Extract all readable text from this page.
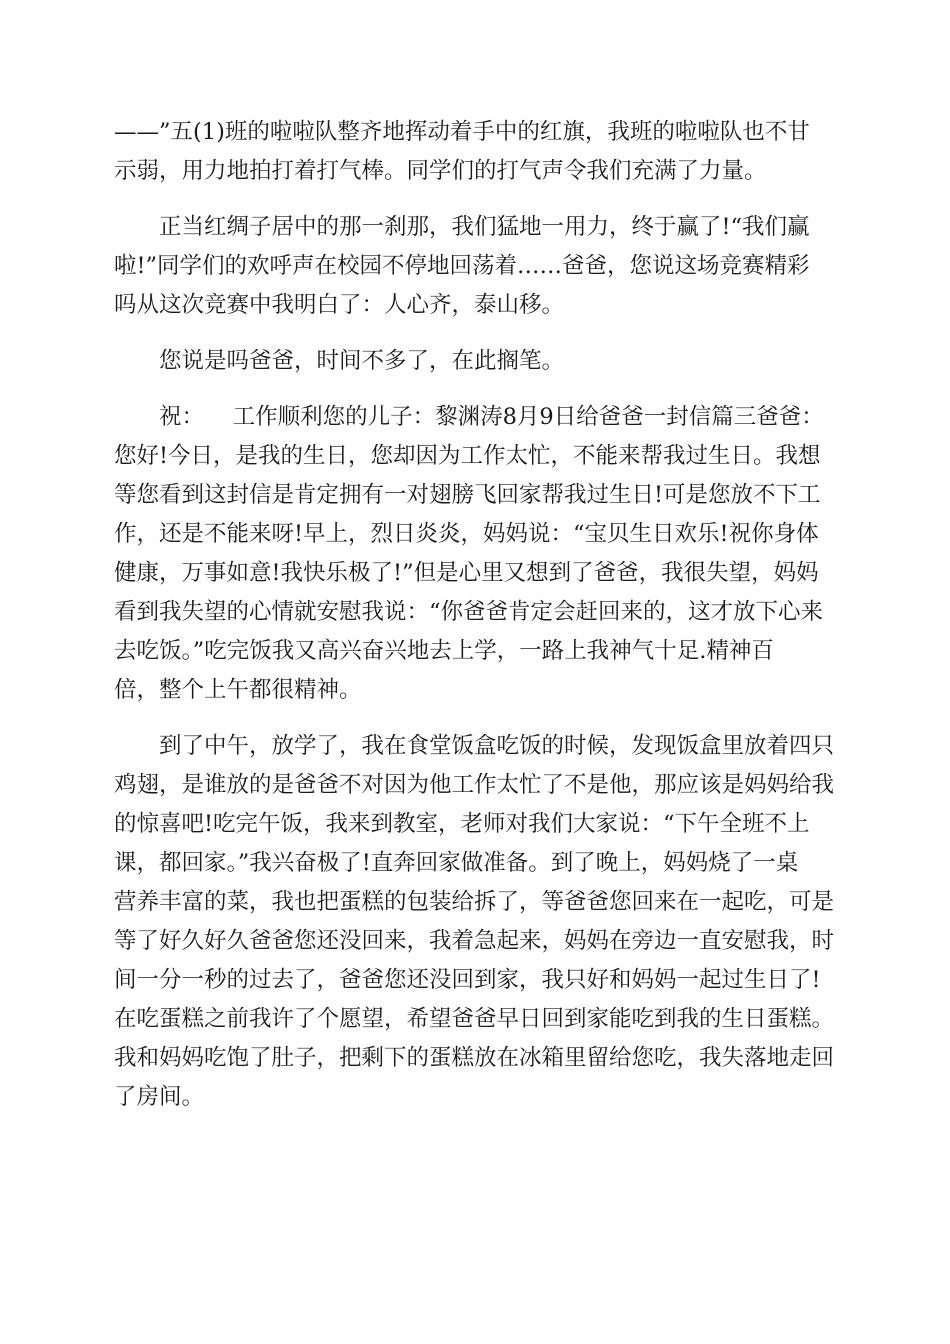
——”五(1)班的啦啦队整齐地挥动着手中的红旗，我班的啦啦队也不甘
示弱，用力地拍打着打气棒。同学们的打气声令我们充满了力量。
正当红绸子居中的那一刹那，我们猛地一用力，终于赢了!“我们赢
啦!”同学们的欢呼声在校园不停地回荡着……爸爸，您说这场竞赛精彩
吗从这次竞赛中我明白了：人心齐，泰山移。
您说是吗爸爸，时间不多了，在此搁笔。
祝：    工作顺利您的儿子：黎渊涛8月9日给爸爸一封信篇三爸爸：
您好!今日，是我的生日，您却因为工作太忙，不能来帮我过生日。我想
等您看到这封信是肯定拥有一对翅膀飞回家帮我过生日!可是您放不下工
作，还是不能来呀!早上，烈日炎炎，妈妈说：“宝贝生日欢乐!祝你身体
健康，万事如意!我快乐极了!”但是心里又想到了爸爸，我很失望，妈妈
看到我失望的心情就安慰我说：“你爸爸肯定会赶回来的，这才放下心来
去吃饭。”吃完饭我又高兴奋兴地去上学，一路上我神气十足.精神百
倍，整个上午都很精神。
到了中午，放学了，我在食堂饭盒吃饭的时候，发现饭盒里放着四只
鸡翅，是谁放的是爸爸不对因为他工作太忙了不是他，那应该是妈妈给我
的惊喜吧!吃完午饭，我来到教室，老师对我们大家说：“下午全班不上
课，都回家。”我兴奋极了!直奔回家做准备。到了晚上，妈妈烧了一桌
营养丰富的菜，我也把蛋糕的包装给拆了，等爸爸您回来在一起吃，可是
等了好久好久爸爸您还没回来，我着急起来，妈妈在旁边一直安慰我，时
间一分一秒的过去了，爸爸您还没回到家，我只好和妈妈一起过生日了!
在吃蛋糕之前我许了个愿望，希望爸爸早日回到家能吃到我的生日蛋糕。
我和妈妈吃饱了肚子，把剩下的蛋糕放在冰箱里留给您吃，我失落地走回
了房间。
